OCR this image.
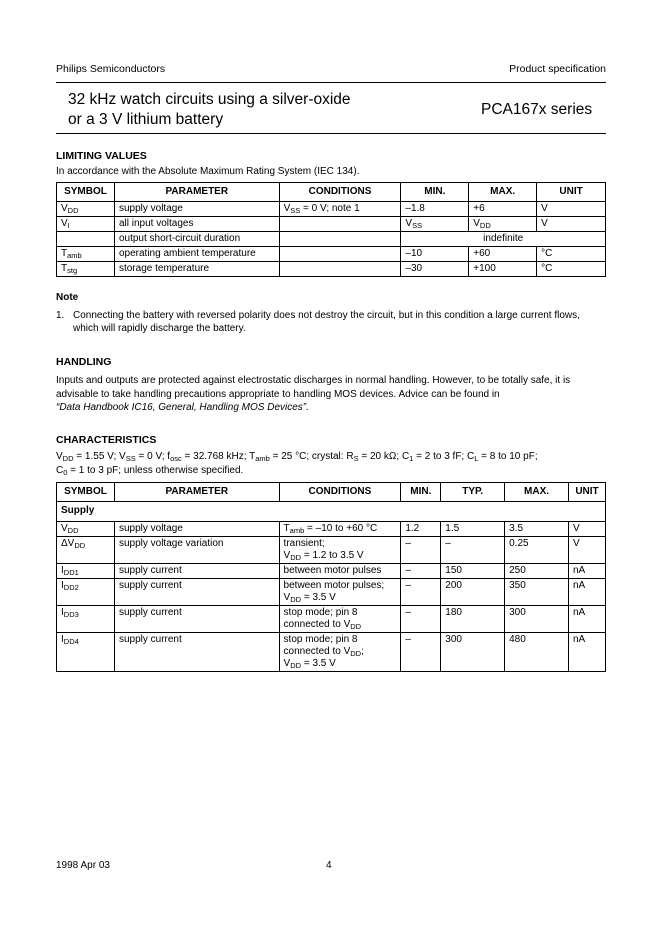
Philips Semiconductors	Product specification
32 kHz watch circuits using a silver-oxide
or a 3 V lithium battery
PCA167x series
LIMITING VALUES
In accordance with the Absolute Maximum Rating System (IEC 134).
SYMBOL	PARAMETER	CONDITIONS	MIN.	MAX.	UNIT
$V_{DD}$	supply voltage	$V_{SS} = 0$ V; note 1	–1.8	+6	V
$V_I$	all input voltages		$V_{SS}$	$V_{DD}$	V
	output short-circuit duration		indefinite		
$T_{amb}$	operating ambient temperature		–10	+60	°C
$T_{stg}$	storage temperature		–30	+100	°C
Note
1. Connecting the battery with reversed polarity does not destroy the circuit, but in this condition a large current flows, which will rapidly discharge the battery.
HANDLING
Inputs and outputs are protected against electrostatic discharges in normal handling. However, to be totally safe, it is advisable to take handling precautions appropriate to handling MOS devices. Advice can be found in
“Data Handbook IC16, General, Handling MOS Devices”.
CHARACTERISTICS
$V_{DD} = 1.55$ V; $V_{SS} = 0$ V; $f_{osc} = 32.768$ kHz; $T_{amb} = 25$ °C; crystal: $R_S = 20$ kΩ; $C_1 = 2$ to 3 fF; $C_L = 8$ to 10 pF;
$C_0 = 1$ to 3 pF; unless otherwise specified.
SYMBOL	PARAMETER	CONDITIONS	MIN.	TYP.	MAX.	UNIT
Supply						
$V_{DD}$	supply voltage	$T_{amb} = -10$ to +60 °C	1.2	1.5	3.5	V
$\Delta V_{DD}$	supply voltage variation	transient;
$V_{DD} = 1.2$ to 3.5 V	–	–	0.25	V
$I_{DD1}$	supply current	between motor pulses	–	150	250	nA
$I_{DD2}$	supply current	between motor pulses;
$V_{DD} = 3.5$ V	–	200	350	nA
$I_{DD3}$	supply current	stop mode; pin 8
connected to $V_{DD}$	–	180	300	nA
$I_{DD4}$	supply current	stop mode; pin 8
connected to $V_{DD}$;
$V_{DD} = 3.5$ V	–	300	480	nA
1998 Apr 03	4
